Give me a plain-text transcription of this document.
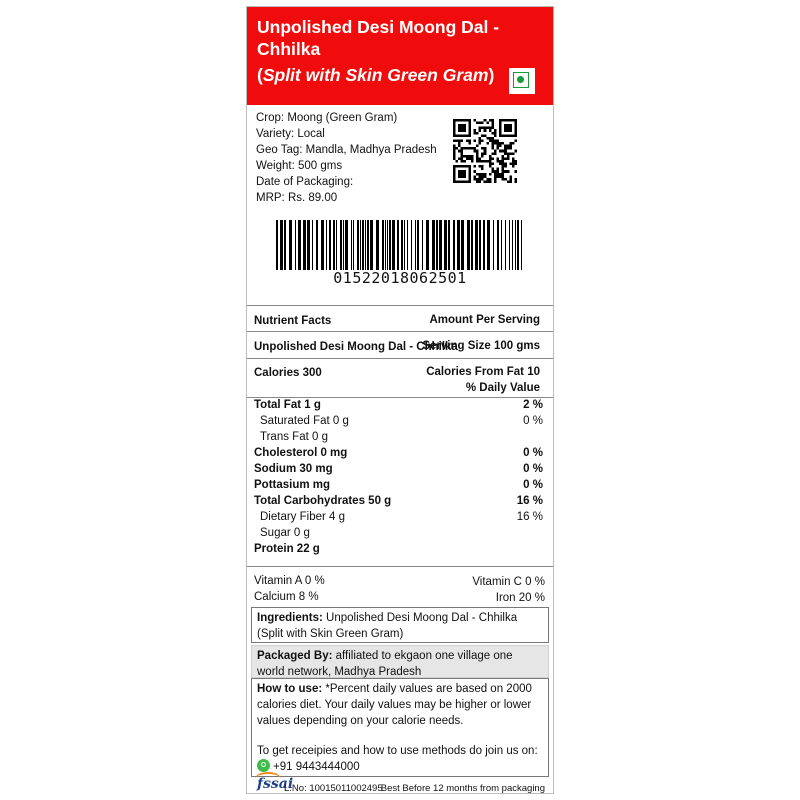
Unpolished Desi Moong Dal - Chhilka
(Split with Skin Green Gram)
Crop: Moong (Green Gram)
Variety: Local
Geo Tag: Mandla, Madhya Pradesh
Weight: 500 gms
Date of Packaging:
MRP: Rs. 89.00
01522018062501
Nutrient Facts	Amount Per Serving
Unpolished Desi Moong Dal - Chhilka
Serving Size 100 gms
Calories 300	Calories From Fat 10
% Daily Value
Total Fat 1 g	2 %
Saturated Fat 0 g	0 %
Trans Fat 0 g
Cholesterol 0 mg	0 %
Sodium 30 mg	0 %
Pottasium mg	0 %
Total Carbohydrates 50 g	16 %
Dietary Fiber 4 g	16 %
Sugar 0 g
Protein 22 g
Vitamin A 0 %	Vitamin C 0 %
Calcium 8 %	Iron 20 %
Ingredients: Unpolished Desi Moong Dal - Chhilka (Split with Skin Green Gram)
Packaged By: affiliated to ekgaon one village one world network, Madhya Pradesh
How to use: *Percent daily values are based on 2000 calories diet. Your daily values may be higher or lower values depending on your calorie needs.
To get receipies and how to use methods do join us on:
+91 9443444000
fssai
L.No: 10015011002495
Best Before 12 months from packaging
